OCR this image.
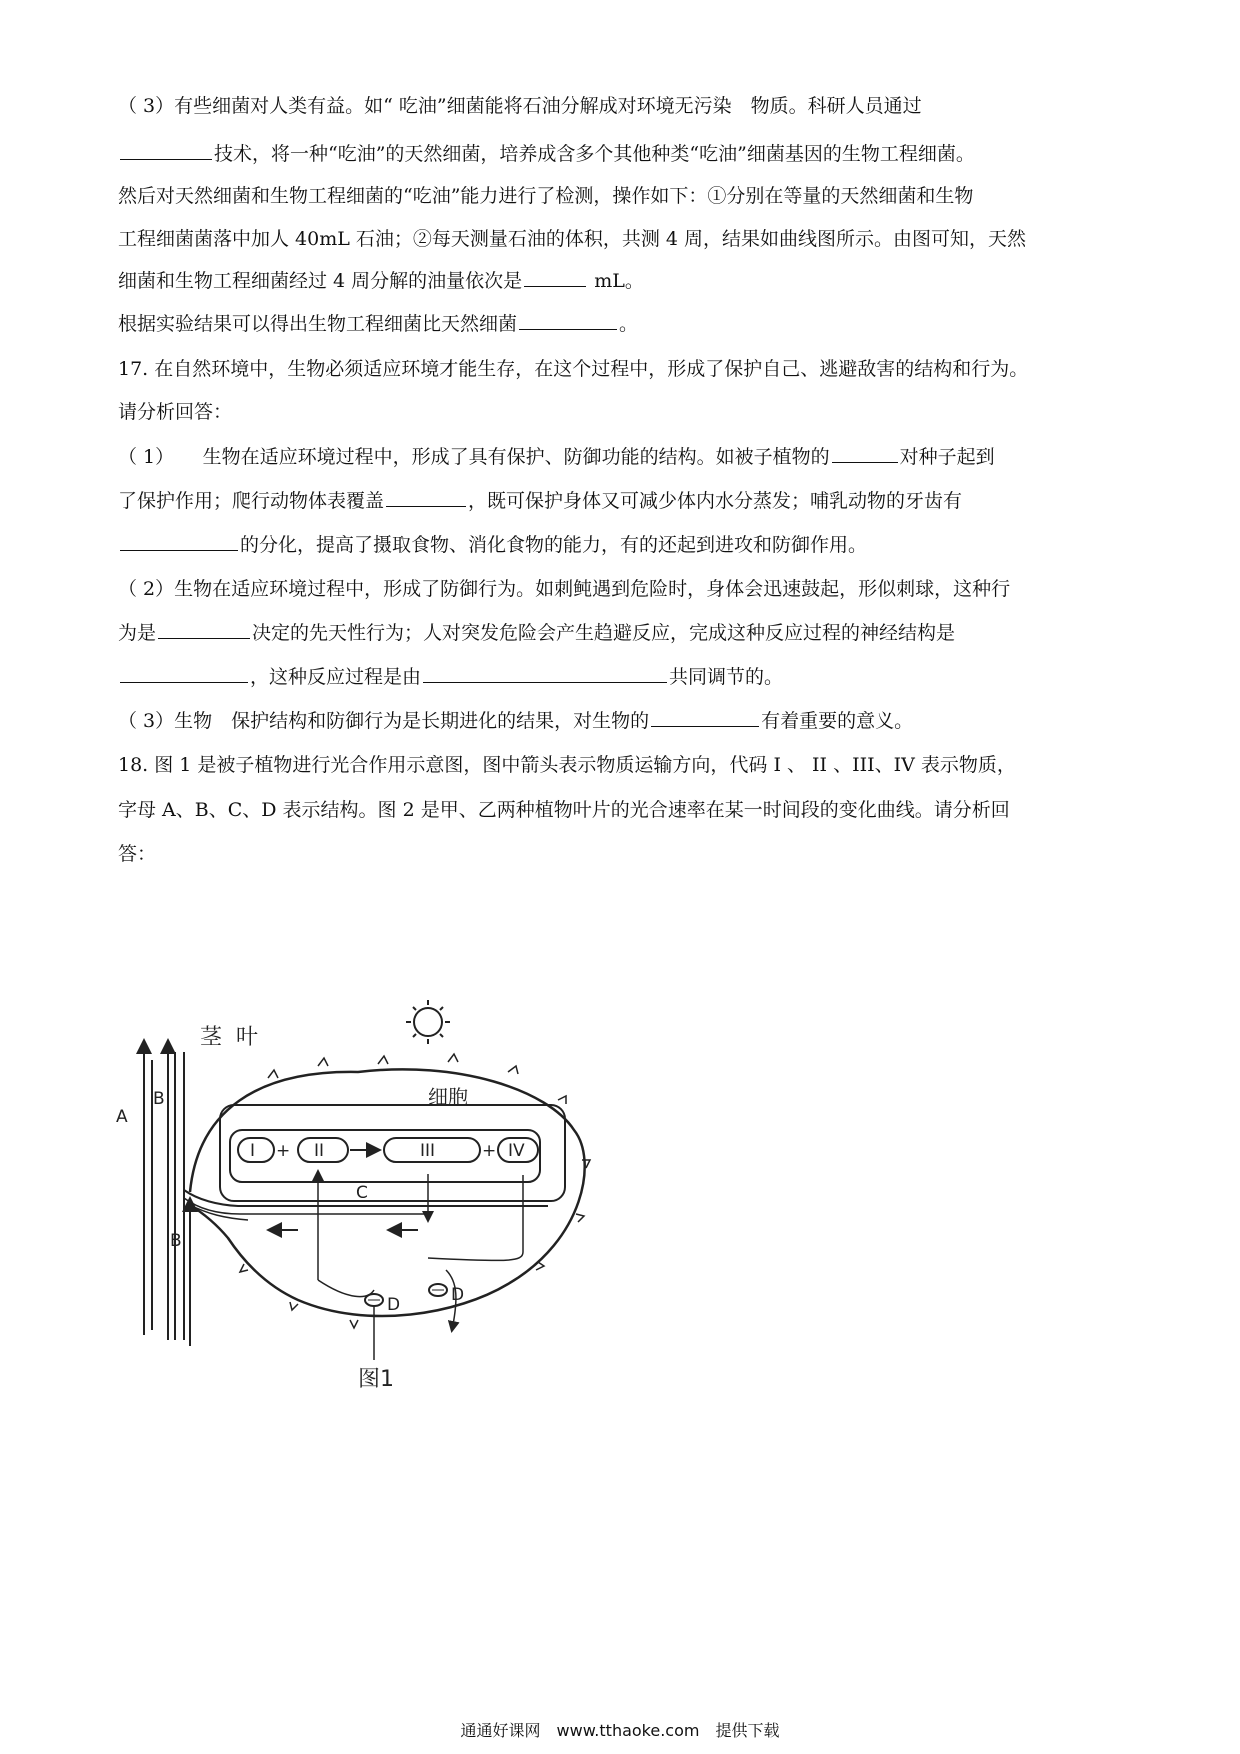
（ 3）有些细菌对人类有益。如“ 吃油”细菌能将石油分解成对环境无污染　物质。科研人员通过
技术，将一种“吃油”的天然细菌，培养成含多个其他种类“吃油”细菌基因的生物工程细菌。
然后对天然细菌和生物工程细菌的“吃油”能力进行了检测，操作如下：①分别在等量的天然细菌和生物
工程细菌菌落中加人 40mL 石油；②每天测量石油的体积，共测 4 周，结果如曲线图所示。由图可知，天然
细菌和生物工程细菌经过 4 周分解的油量依次是	mL。
根据实验结果可以得出生物工程细菌比天然细菌	。
17. 在自然环境中，生物必须适应环境才能生存，在这个过程中，形成了保护自己、逃避敌害的结构和行为。
请分析回答：
（ 1）　　生物在适应环境过程中，形成了具有保护、防御功能的结构。如被子植物的	对种子起到
了保护作用；爬行动物体表覆盖	，既可保护身体又可减少体内水分蒸发；哺乳动物的牙齿有
的分化，提高了摄取食物、消化食物的能力，有的还起到进攻和防御作用。
（ 2）生物在适应环境过程中，形成了防御行为。如刺鲀遇到危险时，身体会迅速鼓起，形似刺球，这种行
为是	决定的先天性行为；人对突发危险会产生趋避反应，完成这种反应过程的神经结构是
，这种反应过程是由	共同调节的。
（ 3）生物　保护结构和防御行为是长期进化的结果，对生物的	有着重要的意义。
18. 图 1 是被子植物进行光合作用示意图，图中箭头表示物质运输方向，代码 I 、 II 、III、IV 表示物质，
字母 A、B、C、D 表示结构。图 2 是甲、乙两种植物叶片的光合速率在某一时间段的变化曲线。请分析回
答：
茎 叶
细胞
A
B
B
C
D	D
I + II	III	+ IV
图1
通通好课网　www.tthaoke.com　提供下载
